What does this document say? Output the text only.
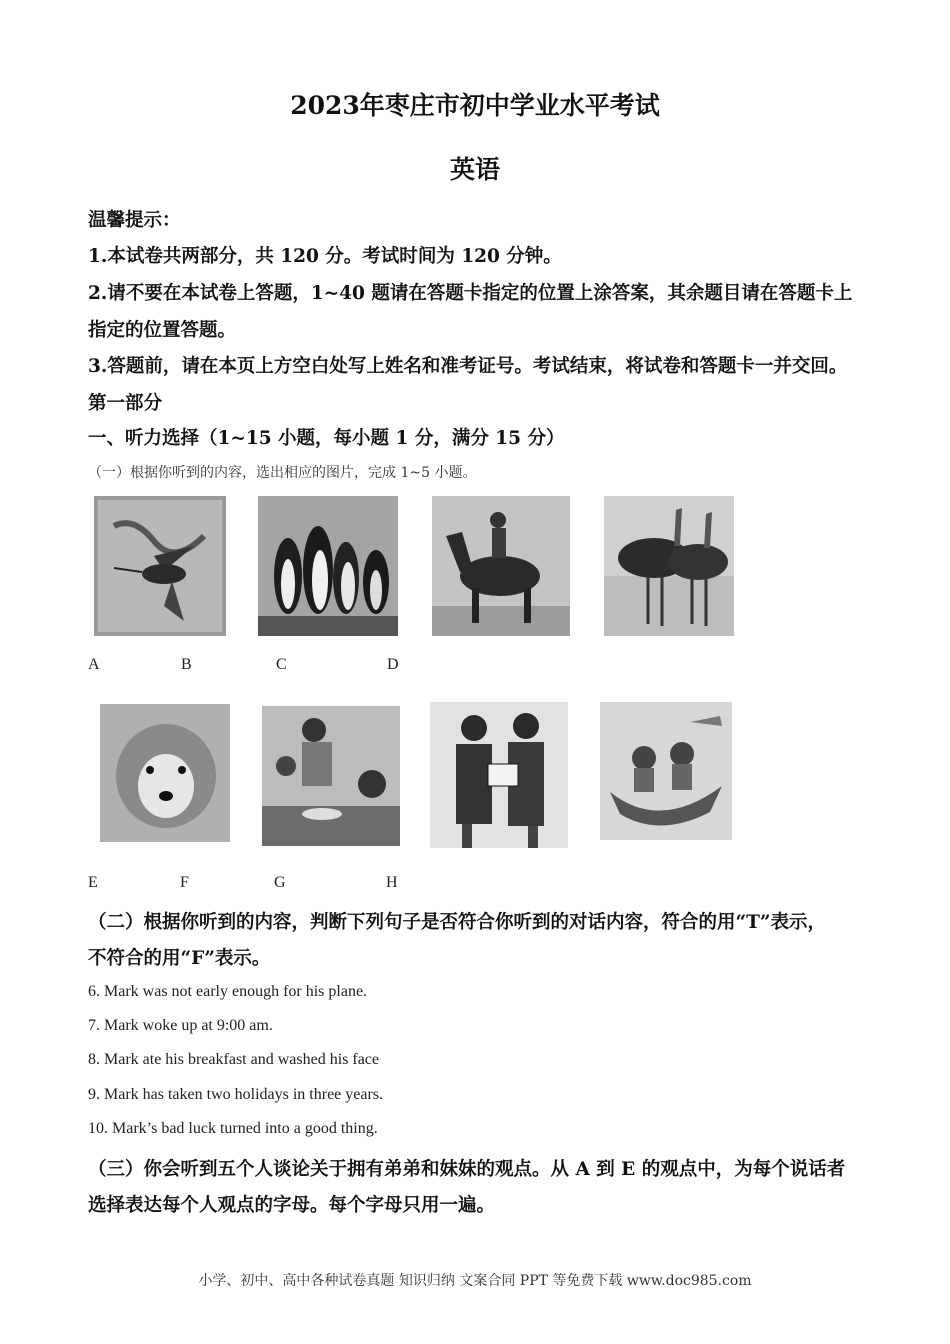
2023年枣庄市初中学业水平考试
英语
温馨提示：
1.本试卷共两部分，共 120 分。考试时间为 120 分钟。
2.请不要在本试卷上答题，1~40 题请在答题卡指定的位置上涂答案，其余题目请在答题卡上
指定的位置答题。
3.答题前，请在本页上方空白处写上姓名和准考证号。考试结束，将试卷和答题卡一并交回。
第一部分
一、听力选择（1~15 小题，每小题 1 分，满分 15 分）
（一）根据你听到的内容，选出相应的图片，完成 1~5 小题。
A	B	C	D
E	F	G	H
（二）根据你听到的内容，判断下列句子是否符合你听到的对话内容，符合的用“T”表示，
不符合的用“F”表示。
6. Mark was not early enough for his plane.
7. Mark woke up at 9:00 am.
8. Mark ate his breakfast and washed his face
9. Mark has taken two holidays in three years.
10. Mark’s bad luck turned into a good thing.
（三）你会听到五个人谈论关于拥有弟弟和妹妹的观点。从 A 到 E 的观点中，为每个说话者
选择表达每个人观点的字母。每个字母只用一遍。
小学、初中、高中各种试卷真题 知识归纳 文案合同 PPT 等免费下载 www.doc985.com
